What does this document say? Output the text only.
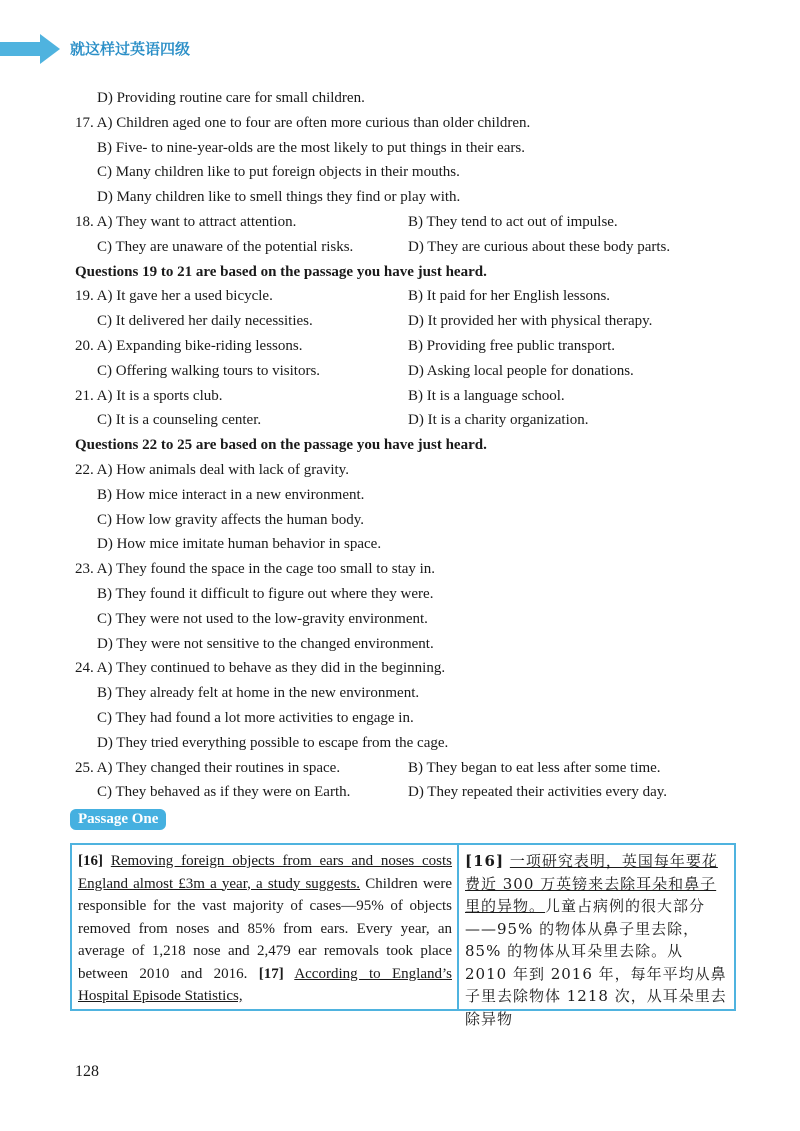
就这样过英语四级
D) Providing routine care for small children.
17. A) Children aged one to four are often more curious than older children.
B) Five- to nine-year-olds are the most likely to put things in their ears.
C) Many children like to put foreign objects in their mouths.
D) Many children like to smell things they find or play with.
18. A) They want to attract attention.	B) They tend to act out of impulse.
C) They are unaware of the potential risks.	D) They are curious about these body parts.
Questions 19 to 21 are based on the passage you have just heard.
19. A) It gave her a used bicycle.	B) It paid for her English lessons.
C) It delivered her daily necessities.	D) It provided her with physical therapy.
20. A) Expanding bike-riding lessons.	B) Providing free public transport.
C) Offering walking tours to visitors.	D) Asking local people for donations.
21. A) It is a sports club.	B) It is a language school.
C) It is a counseling center.	D) It is a charity organization.
Questions 22 to 25 are based on the passage you have just heard.
22. A) How animals deal with lack of gravity.
B) How mice interact in a new environment.
C) How low gravity affects the human body.
D) How mice imitate human behavior in space.
23. A) They found the space in the cage too small to stay in.
B) They found it difficult to figure out where they were.
C) They were not used to the low-gravity environment.
D) They were not sensitive to the changed environment.
24. A) They continued to behave as they did in the beginning.
B) They already felt at home in the new environment.
C) They had found a lot more activities to engage in.
D) They tried everything possible to escape from the cage.
25. A) They changed their routines in space.	B) They began to eat less after some time.
C) They behaved as if they were on Earth.	D) They repeated their activities every day.
Passage One
[16] Removing foreign objects from ears and noses costs England almost £3m a year, a study suggests. Children were responsible for the vast majority of cases—95% of objects removed from noses and 85% from ears. Every year, an average of 1,218 nose and 2,479 ear removals took place between 2010 and 2016. [17] According to England’s Hospital Episode Statistics,
[16] 一项研究表明，英国每年要花费近 300 万英镑来去除耳朵和鼻子里的异物。儿童占病例的很大部分——95% 的物体从鼻子里去除，85% 的物体从耳朵里去除。从 2010 年到 2016 年，每年平均从鼻子里去除物体 1218 次，从耳朵里去除异物
128
